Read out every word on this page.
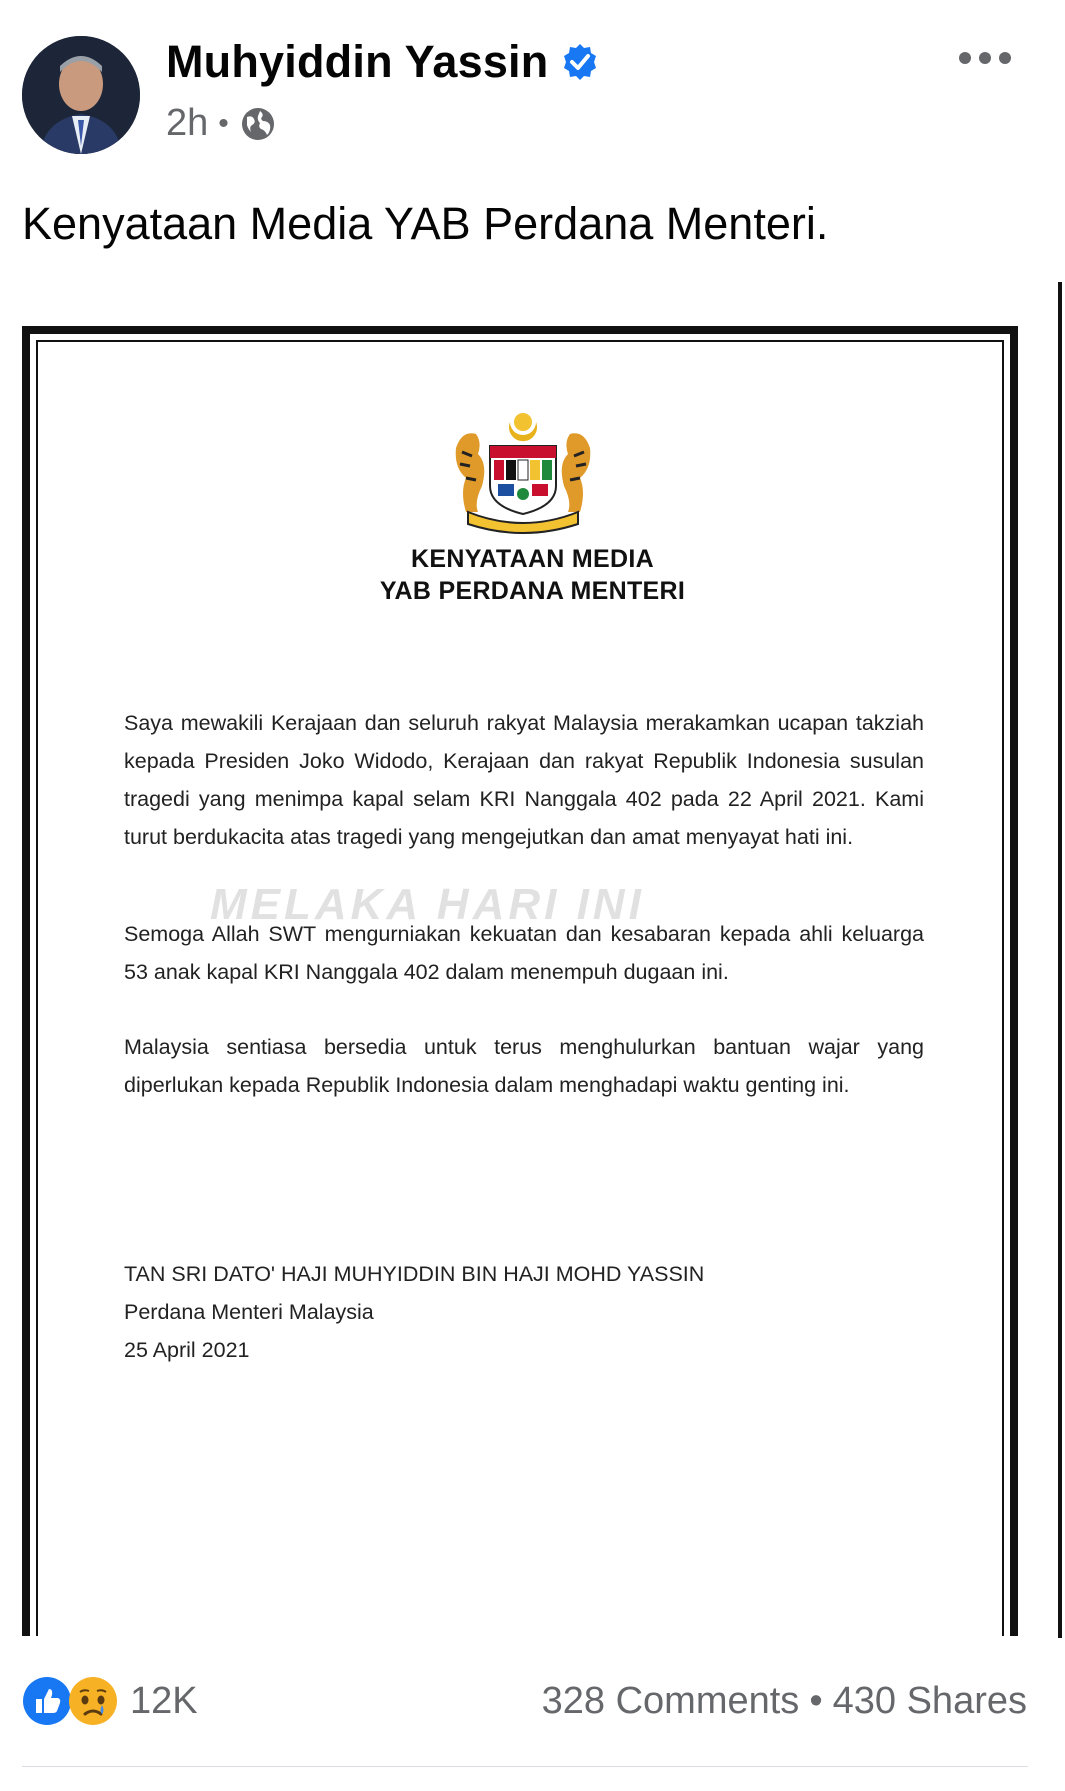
Muhyiddin Yassin
2h •
Kenyataan Media YAB Perdana Menteri.
KENYATAAN MEDIA
YAB PERDANA MENTERI
Saya mewakili Kerajaan dan seluruh rakyat Malaysia merakamkan ucapan takziah kepada Presiden Joko Widodo, Kerajaan dan rakyat Republik Indonesia susulan tragedi yang menimpa kapal selam KRI Nanggala 402 pada 22 April 2021. Kami turut berdukacita atas tragedi yang mengejutkan dan amat menyayat hati ini.
Semoga Allah SWT mengurniakan kekuatan dan kesabaran kepada ahli keluarga 53 anak kapal KRI Nanggala 402 dalam menempuh dugaan ini.
Malaysia sentiasa bersedia untuk terus menghulurkan bantuan wajar yang diperlukan kepada Republik Indonesia dalam menghadapi waktu genting ini.
MELAKA HARI INI
TAN SRI DATO' HAJI MUHYIDDIN BIN HAJI MOHD YASSIN
Perdana Menteri Malaysia
25 April 2021
12K	328 Comments • 430 Shares
